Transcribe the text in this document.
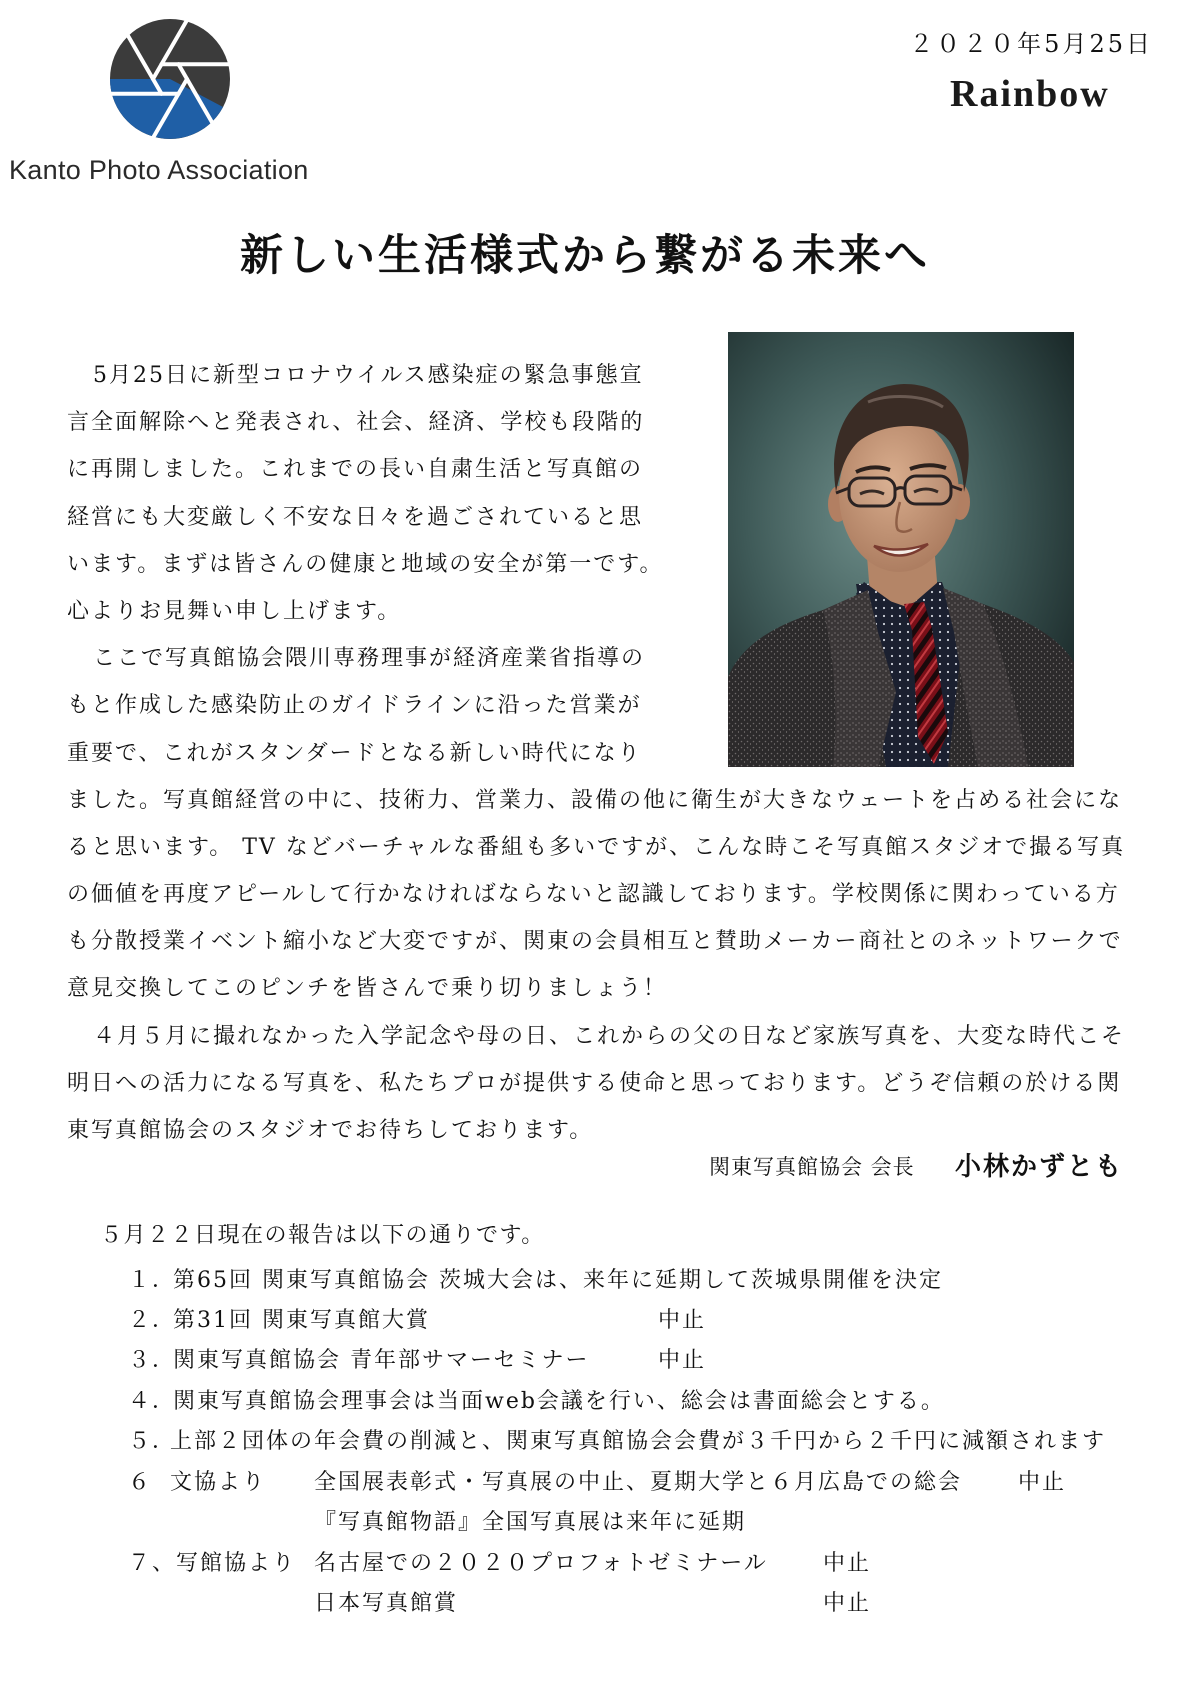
Kanto Photo Association
２０２０年5月25日
Rainbow
新しい生活様式から繋がる未来へ
5月25日に新型コロナウイルス感染症の緊急事態宣
言全面解除へと発表され、社会、経済、学校も段階的
に再開しました。これまでの長い自粛生活と写真館の
経営にも大変厳しく不安な日々を過ごされていると思
います。まずは皆さんの健康と地域の安全が第一です。
心よりお見舞い申し上げます。
ここで写真館協会隈川専務理事が経済産業省指導の
もと作成した感染防止のガイドラインに沿った営業が
重要で、これがスタンダードとなる新しい時代になり
ました。写真館経営の中に、技術力、営業力、設備の他に衛生が大きなウェートを占める社会にな
ると思います。 TV などバーチャルな番組も多いですが、こんな時こそ写真館スタジオで撮る写真
の価値を再度アピールして行かなければならないと認識しております。学校関係に関わっている方
も分散授業イベント縮小など大変ですが、関東の会員相互と賛助メーカー商社とのネットワークで
意見交換してこのピンチを皆さんで乗り切りましょう！
４月５月に撮れなかった入学記念や母の日、これからの父の日など家族写真を、大変な時代こそ
明日への活力になる写真を、私たちプロが提供する使命と思っております。どうぞ信頼の於ける関
東写真館協会のスタジオでお待ちしております。
関東写真館協会 会長 小林かずとも
５月２２日現在の報告は以下の通りです。
１．
第65回 関東写真館協会 茨城大会は、来年に延期して茨城県開催を決定
２．
第31回 関東写真館大賞	中止
３．
関東写真館協会 青年部サマーセミナー	中止
４．
関東写真館協会理事会は当面web会議を行い、総会は書面総会とする。
５．
上部２団体の年会費の削減と、関東写真館協会会費が３千円から２千円に減額されます
６ 文協より 全国展表彰式・写真展の中止、夏期大学と６月広島での総会	中止
『写真館物語』全国写真展は来年に延期
７、写館協より 名古屋での２０２０プロフォトゼミナール	中止
日本写真館賞	中止
